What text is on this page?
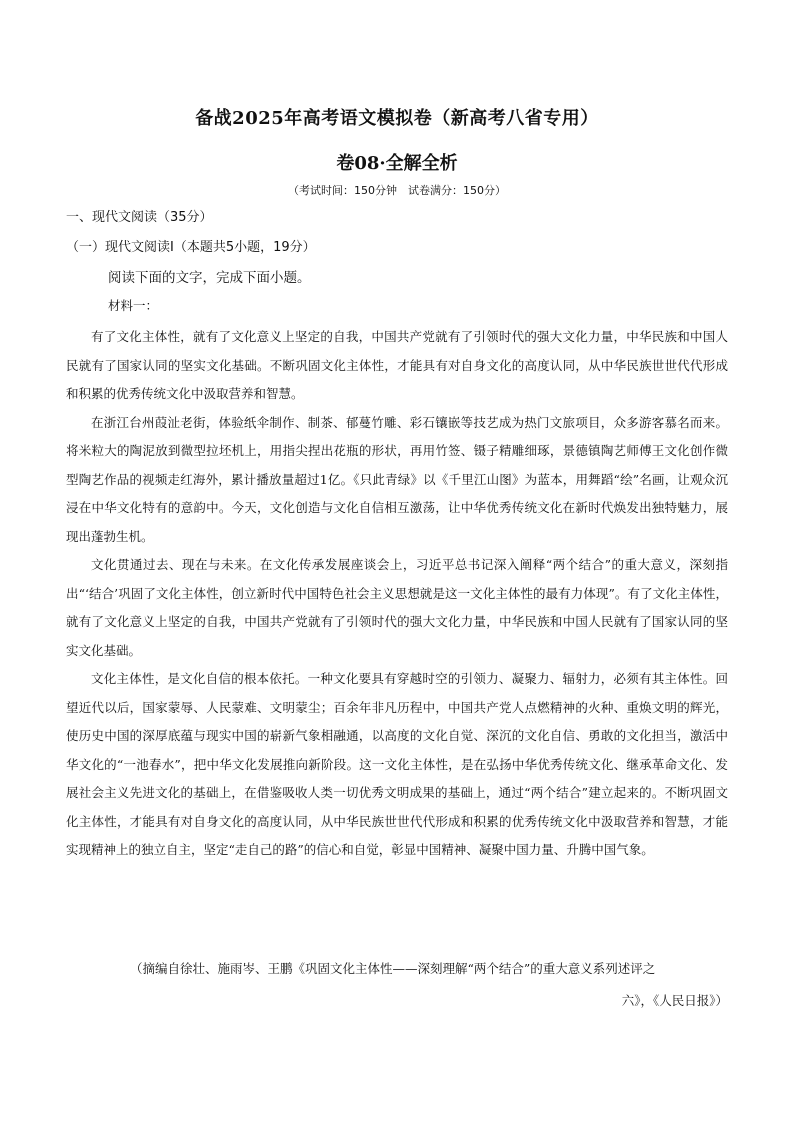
备战2025年高考语文模拟卷（新高考八省专用）
卷08·全解全析
（考试时间：150分钟　试卷满分：150分）
一、现代文阅读（35分）
（一）现代文阅读Ⅰ（本题共5小题，19分）
阅读下面的文字，完成下面小题。
材料一：

有了文化主体性，就有了文化意义上坚定的自我，中国共产党就有了引领时代的强大文化力量，中华民族和中国人民就有了国家认同的坚实文化基础。不断巩固文化主体性，才能具有对自身文化的高度认同，从中华民族世世代代形成和积累的优秀传统文化中汲取营养和智慧。

在浙江台州葭沚老街，体验纸伞制作、制茶、郁蔓竹雕、彩石镶嵌等技艺成为热门文旅项目，众多游客慕名而来。将米粒大的陶泥放到微型拉坯机上，用指尖捏出花瓶的形状，再用竹签、镊子精雕细琢，景德镇陶艺师傅王文化创作微型陶艺作品的视频走红海外，累计播放量超过1亿。《只此青绿》以《千里江山图》为蓝本，用舞蹈“绘”名画，让观众沉浸在中华文化特有的意韵中。今天，文化创造与文化自信相互激荡，让中华优秀传统文化在新时代焕发出独特魅力，展现出蓬勃生机。

文化贯通过去、现在与未来。在文化传承发展座谈会上，习近平总书记深入阐释“两个结合”的重大意义，深刻指出“‘结合’巩固了文化主体性，创立新时代中国特色社会主义思想就是这一文化主体性的最有力体现”。有了文化主体性，就有了文化意义上坚定的自我，中国共产党就有了引领时代的强大文化力量，中华民族和中国人民就有了国家认同的坚实文化基础。

文化主体性，是文化自信的根本依托。一种文化要具有穿越时空的引领力、凝聚力、辐射力，必须有其主体性。回望近代以后，国家蒙辱、人民蒙难、文明蒙尘；百余年非凡历程中，中国共产党人点燃精神的火种、重焕文明的辉光，使历史中国的深厚底蕴与现实中国的崭新气象相融通，以高度的文化自觉、深沉的文化自信、勇敢的文化担当，激活中华文化的“一池春水”，把中华文化发展推向新阶段。这一文化主体性，是在弘扬中华优秀传统文化、继承革命文化、发展社会主义先进文化的基础上，在借鉴吸收人类一切优秀文明成果的基础上，通过“两个结合”建立起来的。不断巩固文化主体性，才能具有对自身文化的高度认同，从中华民族世世代代形成和积累的优秀传统文化中汲取营养和智慧，才能实现精神上的独立自主，坚定“走自己的路”的信心和自觉，彰显中国精神、凝聚中国力量、升腾中国气象。

（摘编自徐壮、施雨岑、王鹏《巩固文化主体性——深刻理解“两个结合”的重大意义系列述评之
六》，《人民日报》）
